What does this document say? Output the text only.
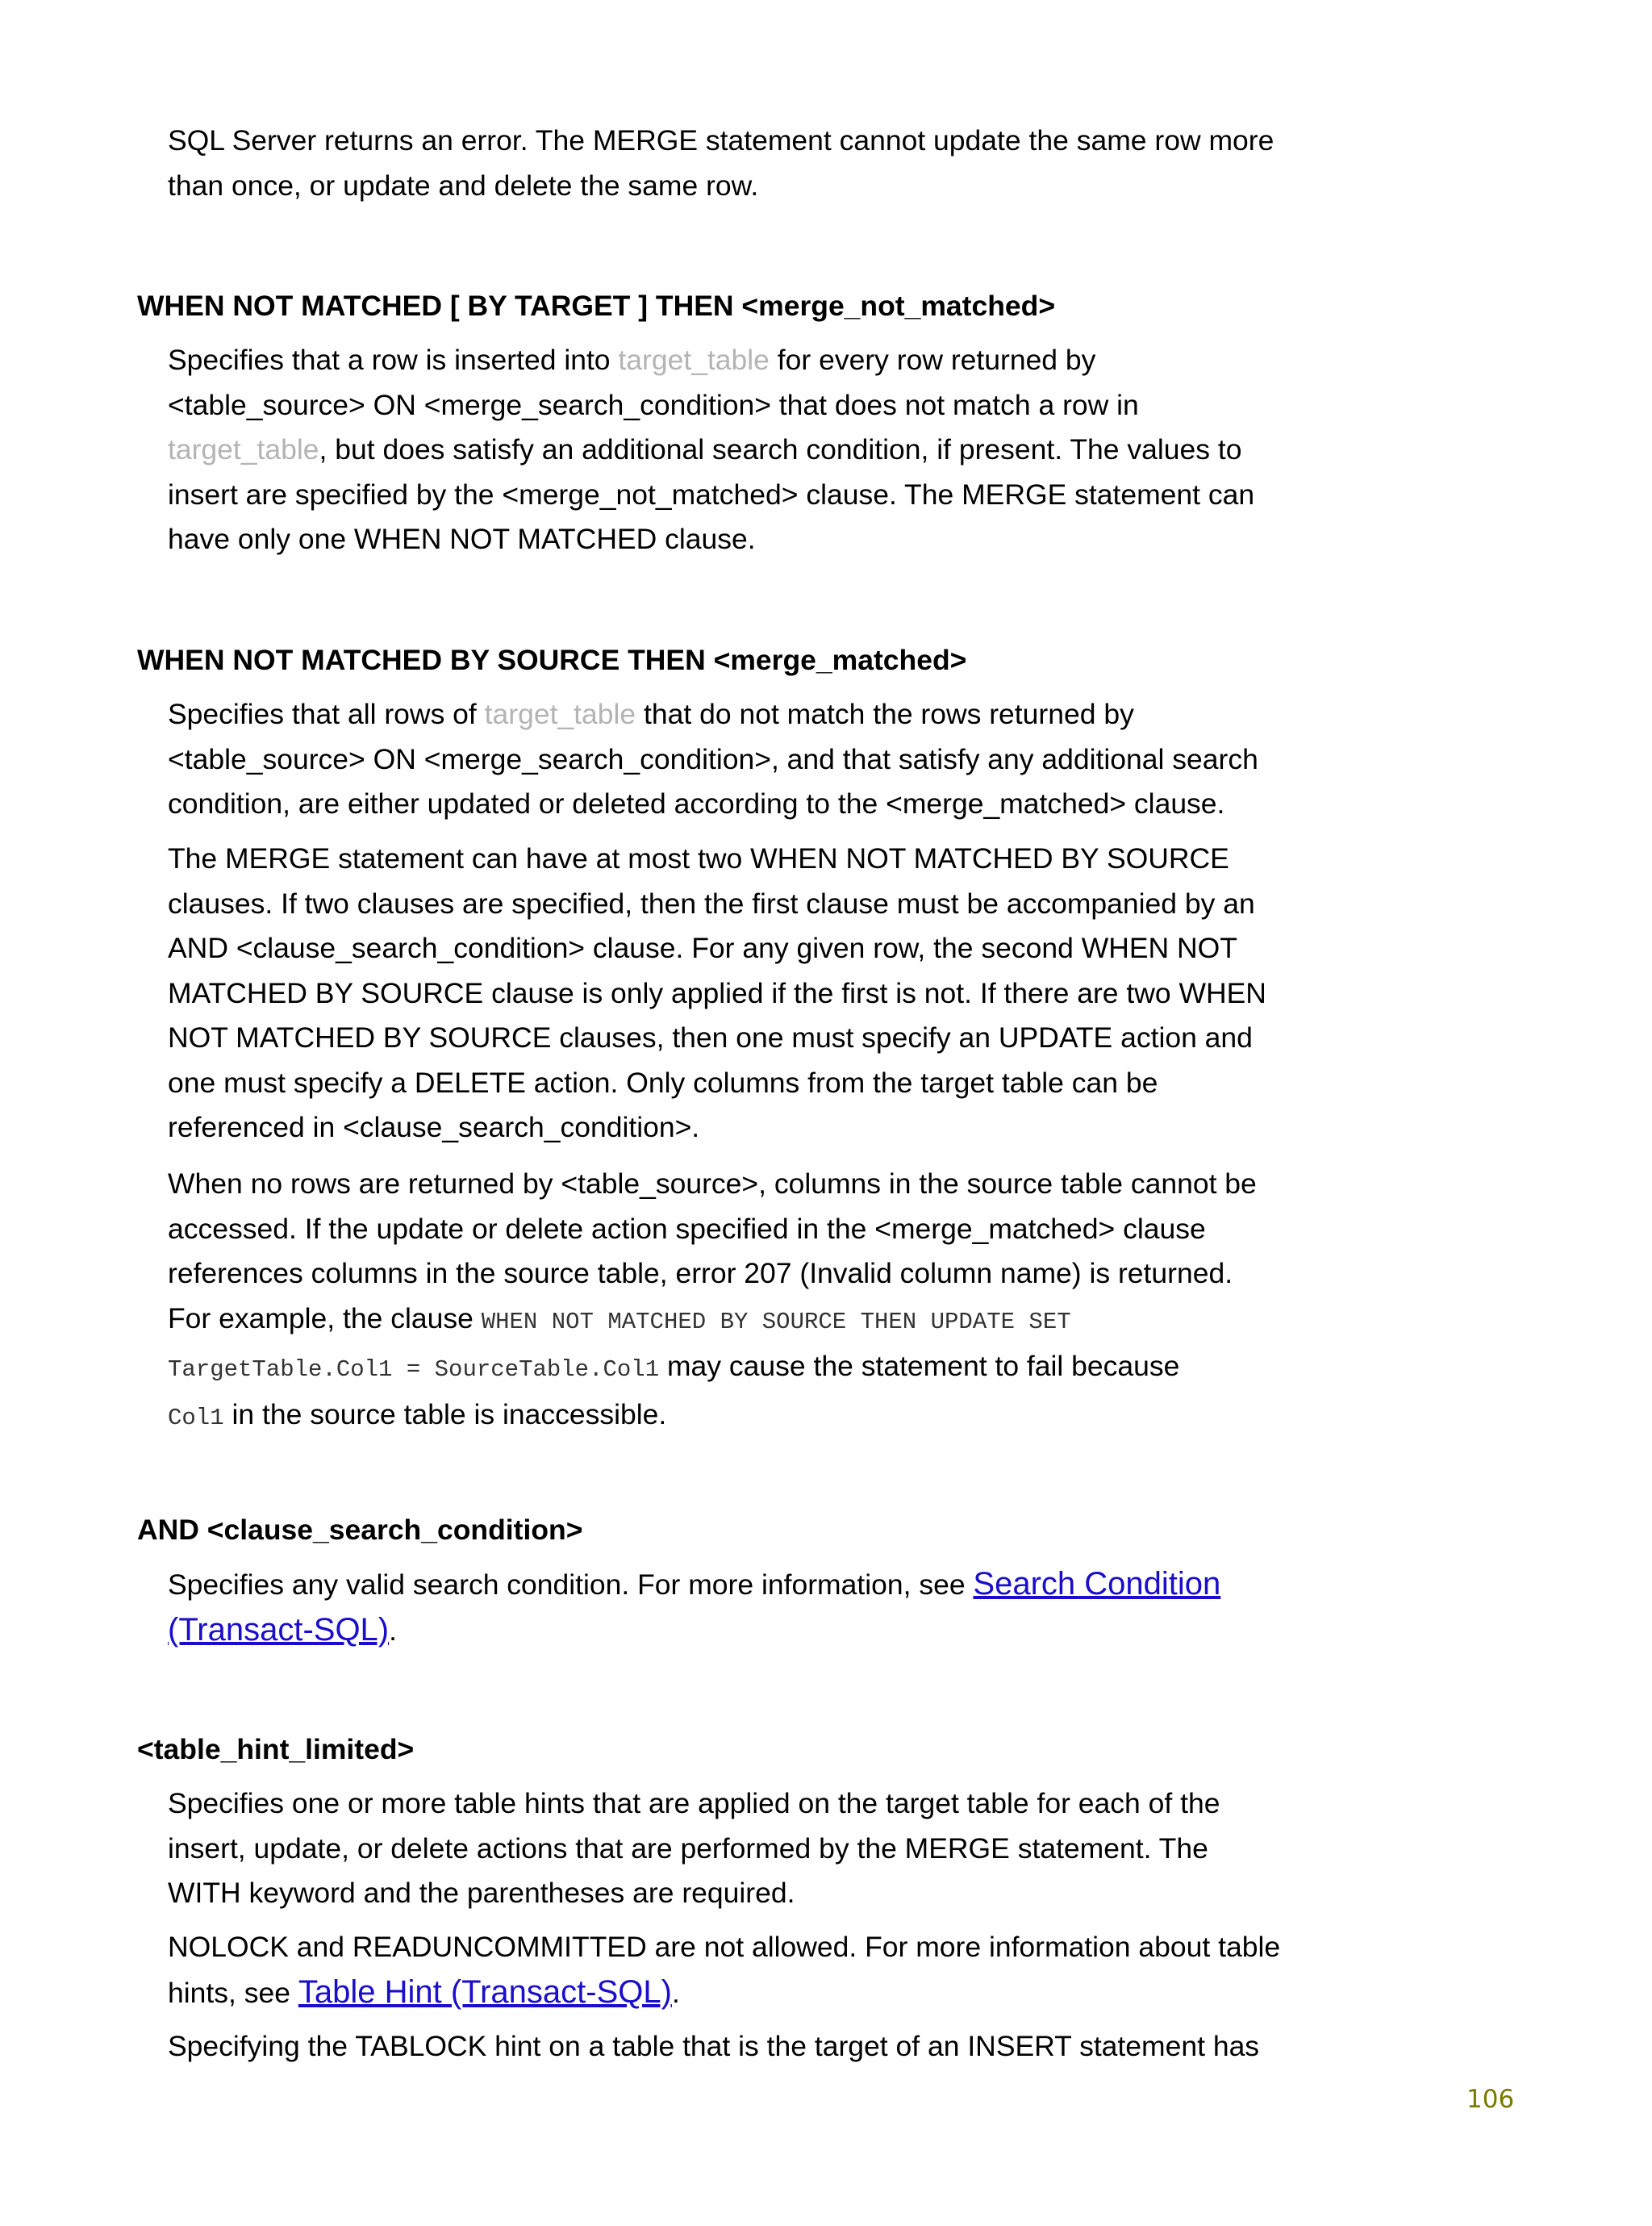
SQL Server returns an error. The MERGE statement cannot update the same row more
than once, or update and delete the same row.

WHEN NOT MATCHED [ BY TARGET ] THEN <merge_not_matched>

Specifies that a row is inserted into target_table for every row returned by
<table_source> ON <merge_search_condition> that does not match a row in
target_table, but does satisfy an additional search condition, if present. The values to
insert are specified by the <merge_not_matched> clause. The MERGE statement can
have only one WHEN NOT MATCHED clause.

WHEN NOT MATCHED BY SOURCE THEN <merge_matched>

Specifies that all rows of target_table that do not match the rows returned by
<table_source> ON <merge_search_condition>, and that satisfy any additional search
condition, are either updated or deleted according to the <merge_matched> clause.

The MERGE statement can have at most two WHEN NOT MATCHED BY SOURCE
clauses. If two clauses are specified, then the first clause must be accompanied by an
AND <clause_search_condition> clause. For any given row, the second WHEN NOT
MATCHED BY SOURCE clause is only applied if the first is not. If there are two WHEN
NOT MATCHED BY SOURCE clauses, then one must specify an UPDATE action and
one must specify a DELETE action. Only columns from the target table can be
referenced in <clause_search_condition>.

When no rows are returned by <table_source>, columns in the source table cannot be
accessed. If the update or delete action specified in the <merge_matched> clause
references columns in the source table, error 207 (Invalid column name) is returned.
For example, the clause WHEN NOT MATCHED BY SOURCE THEN UPDATE SET
TargetTable.Col1 = SourceTable.Col1 may cause the statement to fail because
Col1 in the source table is inaccessible.

AND <clause_search_condition>

Specifies any valid search condition. For more information, see Search Condition
(Transact-SQL).

<table_hint_limited>

Specifies one or more table hints that are applied on the target table for each of the
insert, update, or delete actions that are performed by the MERGE statement. The
WITH keyword and the parentheses are required.

NOLOCK and READUNCOMMITTED are not allowed. For more information about table
hints, see Table Hint (Transact-SQL).

Specifying the TABLOCK hint on a table that is the target of an INSERT statement has

106
